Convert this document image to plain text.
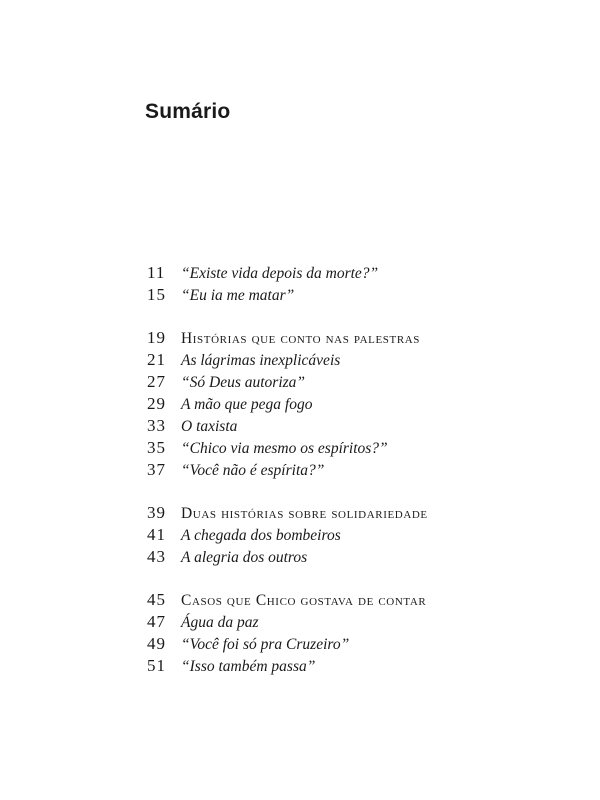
Sumário
11	“Existe vida depois da morte?”
15 “Eu ia me matar”
19 Histórias que conto nas palestras
21 As lágrimas inexplicáveis
27 “Só Deus autoriza”
29 A mão que pega fogo
33 O taxista
35 “Chico via mesmo os espíritos?”
37 “Você não é espírita?”
39 Duas histórias sobre solidariedade
41 A chegada dos bombeiros
43 A alegria dos outros
45 Casos que Chico gostava de contar
47 Água da paz
49 “Você foi só pra Cruzeiro”
51 “Isso também passa”
